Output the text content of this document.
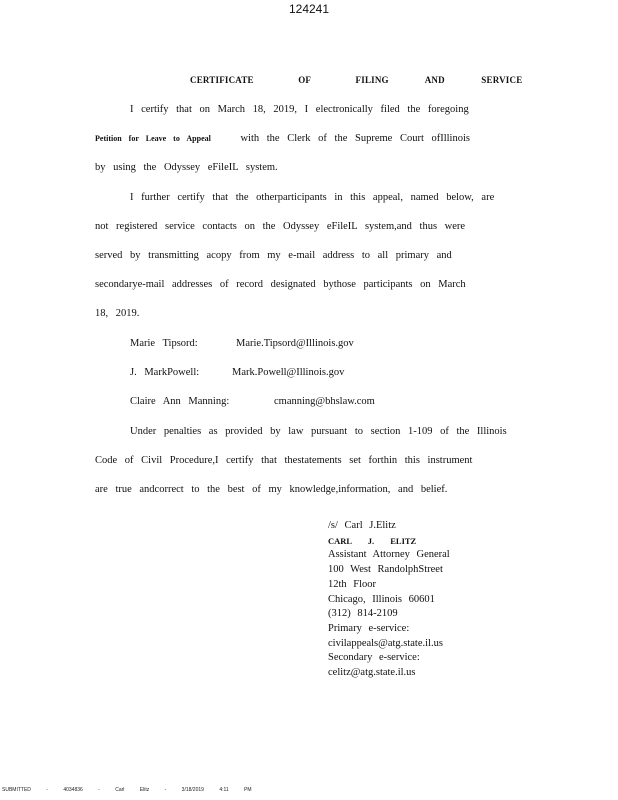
124241
CERTIFICATE	OF	FILING	AND	SERVICE
I certify that on March 18, 2019, I electronically filed the foregoing
Petition for Leave to Appeal	with the Clerk of the Supreme Court ofIllinois
by using the Odyssey eFileIL system.
I further certify that the otherparticipants in this appeal, named below, are
not registered service contacts on the Odyssey eFileIL system,and thus were
served by transmitting acopy from my e-mail address to all primary and
secondarye-mail addresses of record designated bythose participants on March
18, 2019.
Marie Tipsord:	Marie.Tipsord@Illinois.gov
J. MarkPowell:	Mark.Powell@Illinois.gov
Claire Ann Manning:	cmanning@bhslaw.com
Under penalties as provided by law pursuant to section 1-109 of the Illinois
Code of Civil Procedure,I certify that thestatements set forthin this instrument
are true andcorrect to the best of my knowledge,information, and belief.
/s/ Carl J.Elitz
CARL J. ELITZ
Assistant Attorney General
100 West RandolphStreet
12th Floor
Chicago, Illinois 60601
(312) 814-2109
Primary e-service:
civilappeals@atg.state.il.us
Secondary e-service:
celitz@atg.state.il.us
SUBMITTED - 4034836 - Carl Elitz - 3/18/2019 4:11 PM
